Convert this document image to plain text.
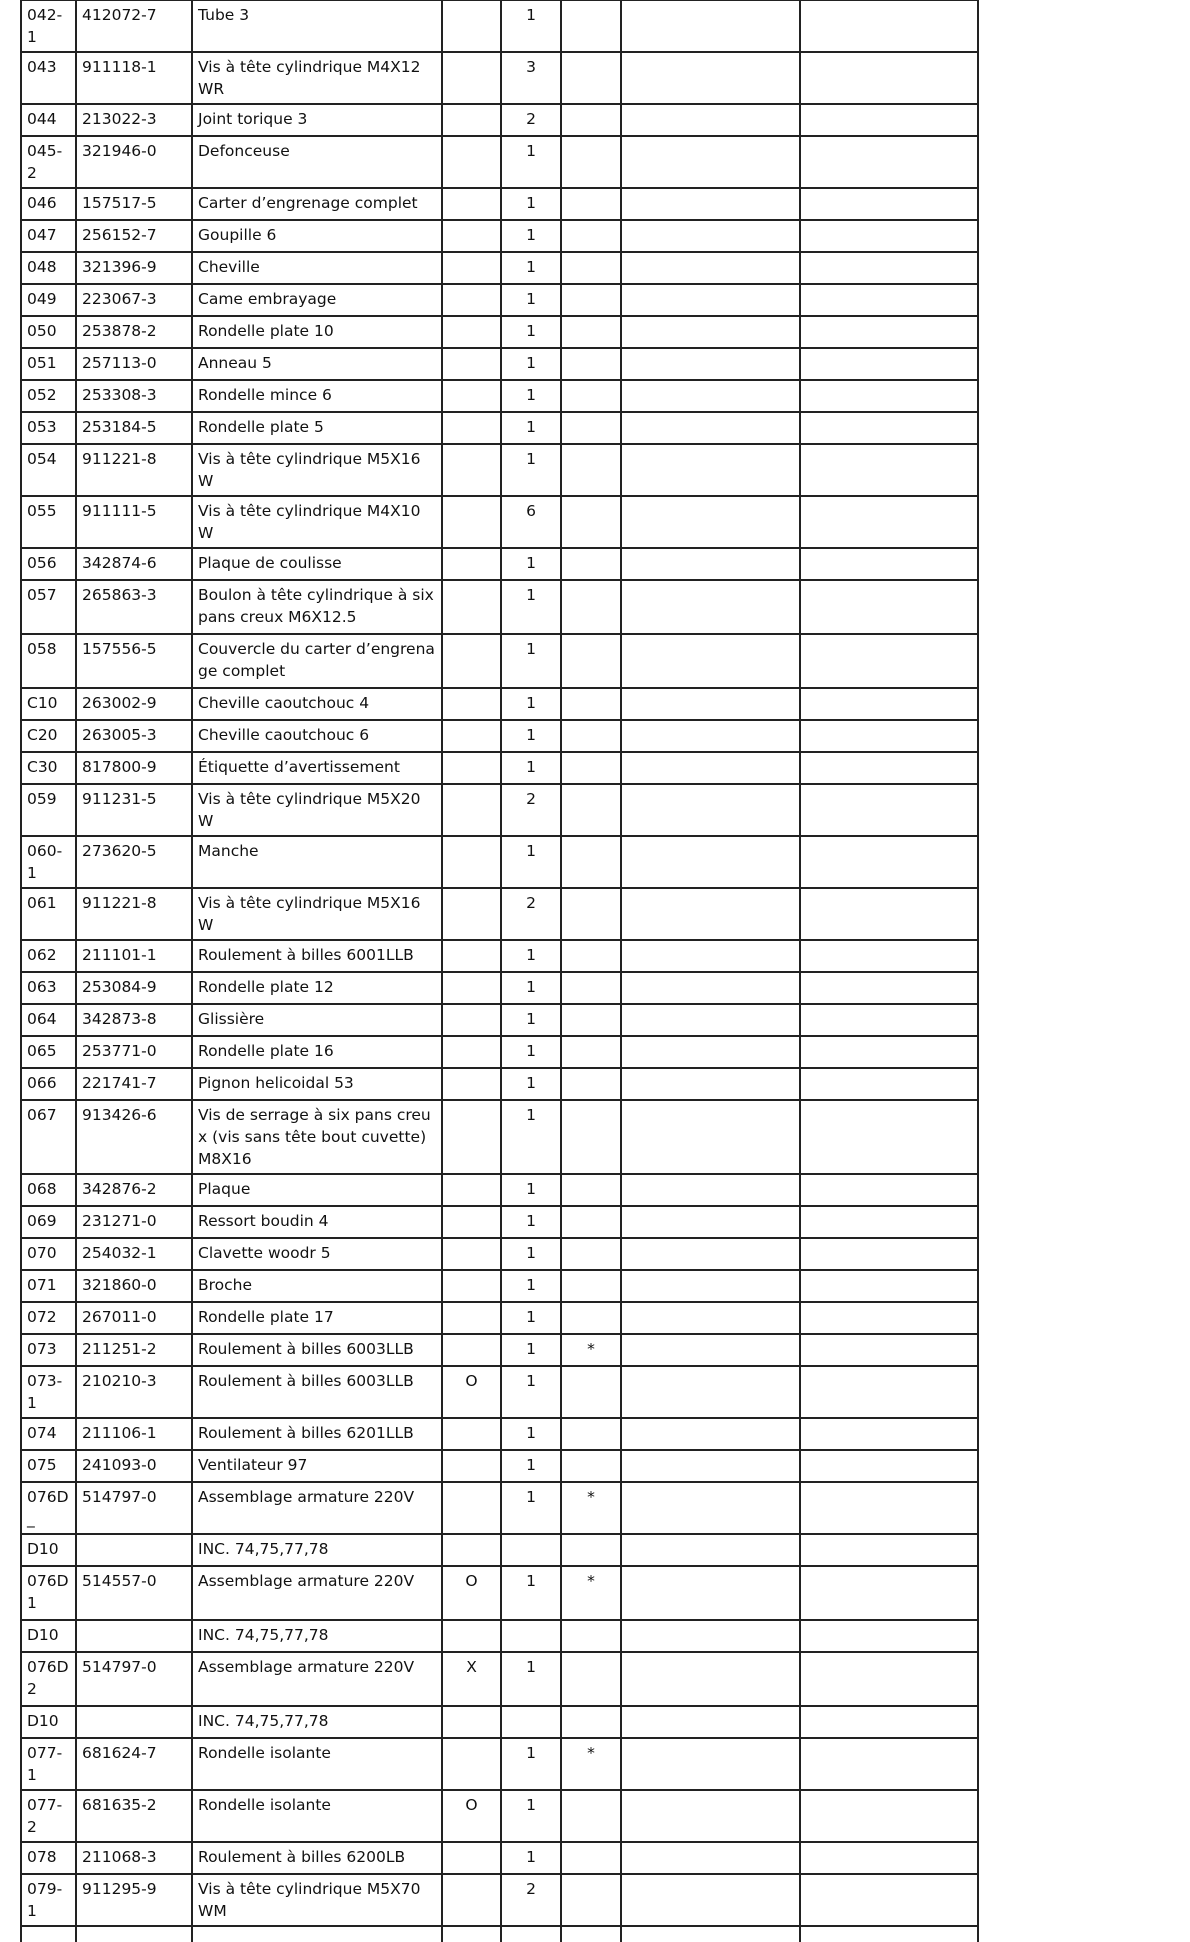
042-1	412072-7	Tube 3		1			
043	911118-1	Vis à tête cylindrique M4X12 WR		3			
044	213022-3	Joint torique 3		2			
045-2	321946-0	Defonceuse		1			
046	157517-5	Carter d’engrenage complet		1			
047	256152-7	Goupille 6		1			
048	321396-9	Cheville		1			
049	223067-3	Came embrayage		1			
050	253878-2	Rondelle plate 10		1			
051	257113-0	Anneau 5		1			
052	253308-3	Rondelle mince 6		1			
053	253184-5	Rondelle plate 5		1			
054	911221-8	Vis à tête cylindrique M5X16 W		1			
055	911111-5	Vis à tête cylindrique M4X10 W		6			
056	342874-6	Plaque de coulisse		1			
057	265863-3	Boulon à tête cylindrique à six pans creux M6X12.5		1			
058	157556-5	Couvercle du carter d’engrenage complet		1			
C10	263002-9	Cheville caoutchouc 4		1			
C20	263005-3	Cheville caoutchouc 6		1			
C30	817800-9	Étiquette d’avertissement		1			
059	911231-5	Vis à tête cylindrique M5X20 W		2			
060-1	273620-5	Manche		1			
061	911221-8	Vis à tête cylindrique M5X16 W		2			
062	211101-1	Roulement à billes 6001LLB		1			
063	253084-9	Rondelle plate 12		1			
064	342873-8	Glissière		1			
065	253771-0	Rondelle plate 16		1			
066	221741-7	Pignon helicoidal 53		1			
067	913426-6	Vis de serrage à six pans creux (vis sans tête bout cuvette) M8X16		1			
068	342876-2	Plaque		1			
069	231271-0	Ressort boudin 4		1			
070	254032-1	Clavette woodr 5		1			
071	321860-0	Broche		1			
072	267011-0	Rondelle plate 17		1			
073	211251-2	Roulement à billes 6003LLB		1	*		
073-1	210210-3	Roulement à billes 6003LLB	O	1			
074	211106-1	Roulement à billes 6201LLB		1			
075	241093-0	Ventilateur 97		1			
076D_	514797-0	Assemblage armature 220V		1	*		
D10		INC. 74,75,77,78					
076D1	514557-0	Assemblage armature 220V	O	1	*		
D10		INC. 74,75,77,78					
076D2	514797-0	Assemblage armature 220V	X	1			
D10		INC. 74,75,77,78					
077-1	681624-7	Rondelle isolante		1	*		
077-2	681635-2	Rondelle isolante	O	1			
078	211068-3	Roulement à billes 6200LB		1			
079-1	911295-9	Vis à tête cylindrique M5X70 WM		2			
